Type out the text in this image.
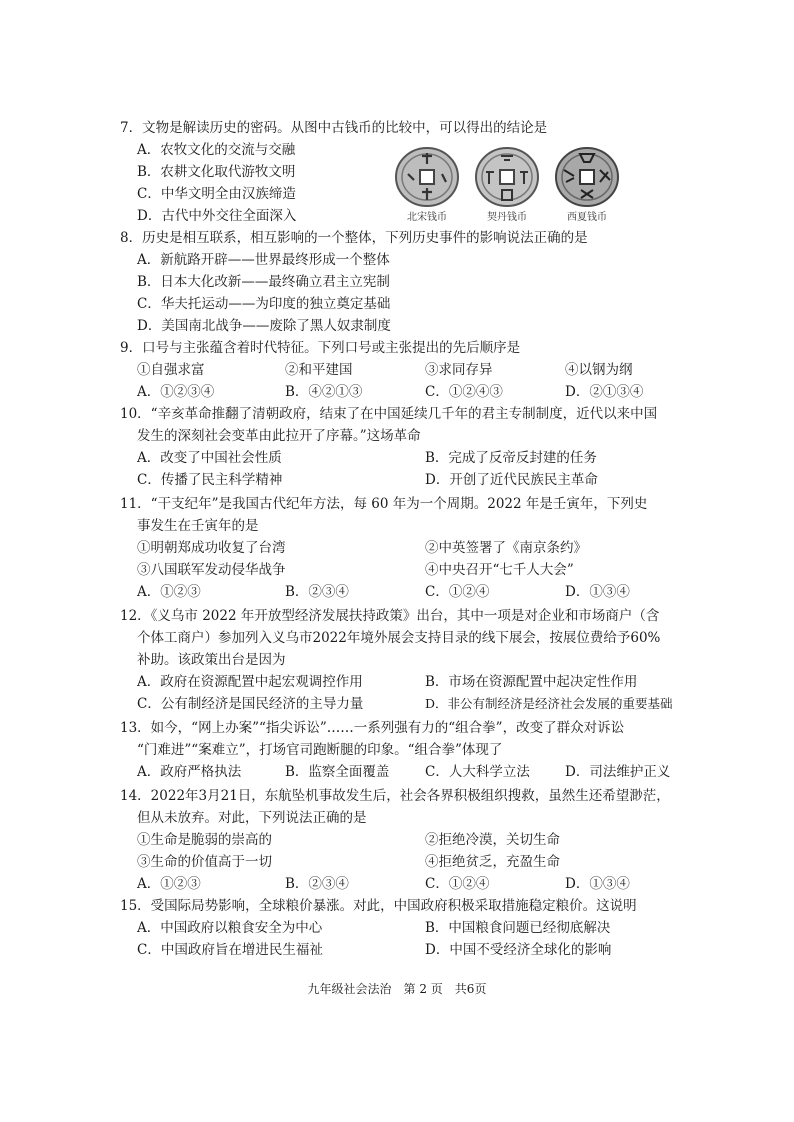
7．文物是解读历史的密码。从图中古钱币的比较中，可以得出的结论是
A．农牧文化的交流与交融
B．农耕文化取代游牧文明
C．中华文明全由汉族缔造
D．古代中外交往全面深入	北宋钱币	契丹钱币	西夏钱币
8．历史是相互联系，相互影响的一个整体，下列历史事件的影响说法正确的是
A．新航路开辟——世界最终形成一个整体
B．日本大化改新——最终确立君主立宪制
C．华夫托运动——为印度的独立奠定基础
D．美国南北战争——废除了黑人奴隶制度
9．口号与主张蕴含着时代特征。下列口号或主张提出的先后顺序是
①自强求富	②和平建国	③求同存异	④以钢为纲
A．①②③④	B．④②①③	C．①②④③	D．②①③④
10．“辛亥革命推翻了清朝政府，结束了在中国延续几千年的君主专制制度，近代以来中国
发生的深刻社会变革由此拉开了序幕。”这场革命
A．改变了中国社会性质	B．完成了反帝反封建的任务
C．传播了民主科学精神	D．开创了近代民族民主革命
11．“干支纪年”是我国古代纪年方法，每 60 年为一个周期。2022 年是壬寅年，下列史
事发生在壬寅年的是
①明朝郑成功收复了台湾	②中英签署了《南京条约》
③八国联军发动侵华战争	④中央召开“七千人大会”
A．①②③	B．②③④	C．①②④	D．①③④
12．《义乌市 2022 年开放型经济发展扶持政策》出台，其中一项是对企业和市场商户（含
个体工商户）参加列入义乌市2022年境外展会支持目录的线下展会，按展位费给予60%
补助。该政策出台是因为
A．政府在资源配置中起宏观调控作用	B．市场在资源配置中起决定性作用
C．公有制经济是国民经济的主导力量	D．非公有制经济是经济社会发展的重要基础
13．如今，“网上办案”“指尖诉讼”……一系列强有力的“组合拳”，改变了群众对诉讼
“门难进”“案难立”，打场官司跑断腿的印象。“组合拳”体现了
A．政府严格执法	B．监察全面覆盖	C．人大科学立法	D．司法维护正义
14．2022年3月21日，东航坠机事故发生后，社会各界积极组织搜救，虽然生还希望渺茫，
但从未放弃。对此，下列说法正确的是
①生命是脆弱的崇高的	②拒绝冷漠，关切生命
③生命的价值高于一切	④拒绝贫乏，充盈生命
A．①②③	B．②③④	C．①②④	D．①③④
15．受国际局势影响，全球粮价暴涨。对此，中国政府积极采取措施稳定粮价。这说明
A．中国政府以粮食安全为中心	B．中国粮食问题已经彻底解决
C．中国政府旨在增进民生福祉	D．中国不受经济全球化的影响
九年级社会法治　第 2 页　共6页
